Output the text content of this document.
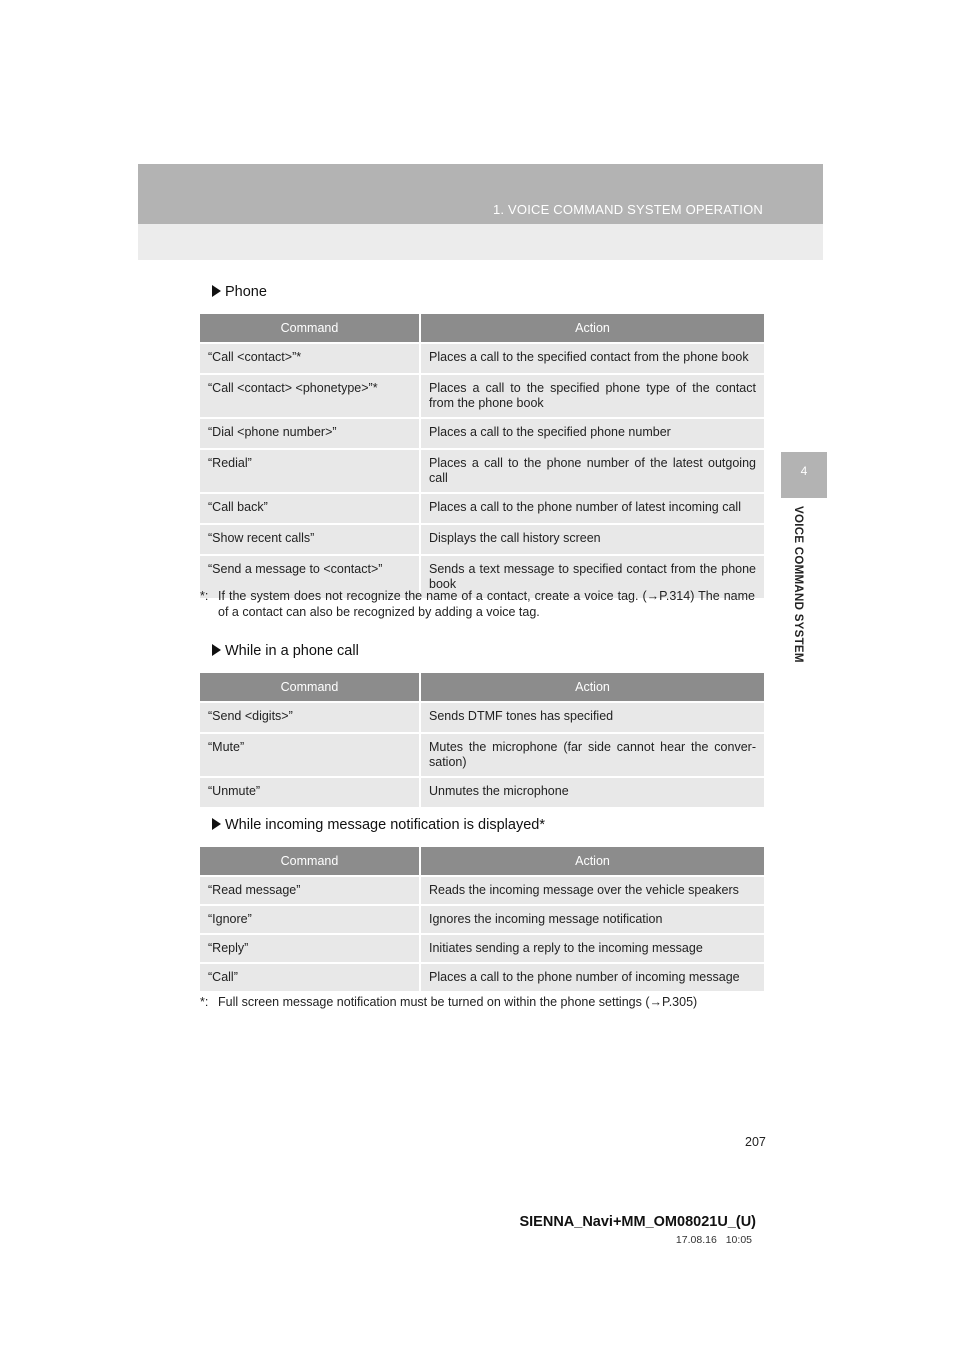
1. VOICE COMMAND SYSTEM OPERATION
4
VOICE COMMAND SYSTEM
Phone
Command	Action
“Call <contact>”*	Places a call to the specified contact from the phone book
“Call <contact> <phonetype>”*	Places a call to the specified phone type of the contact from the phone book
“Dial <phone number>”	Places a call to the specified phone number
“Redial”	Places a call to the phone number of the latest outgoing call
“Call back”	Places a call to the phone number of latest incoming call
“Show recent calls”	Displays the call history screen
“Send a message to <contact>”	Sends a text message to specified contact from the phone book
*: If the system does not recognize the name of a contact, create a voice tag. (→P.314) The name of a contact can also be recognized by adding a voice tag.
While in a phone call
Command	Action
“Send <digits>”	Sends DTMF tones has specified
“Mute”	Mutes the microphone (far side cannot hear the conver- sation)
“Unmute”	Unmutes the microphone
While incoming message notification is displayed*
Command	Action
“Read message”	Reads the incoming message over the vehicle speakers
“Ignore”	Ignores the incoming message notification
“Reply”	Initiates sending a reply to the incoming message
“Call”	Places a call to the phone number of incoming message
*: Full screen message notification must be turned on within the phone settings (→P.305)
207
SIENNA_Navi+MM_OM08021U_(U)
17.08.16 10:05
